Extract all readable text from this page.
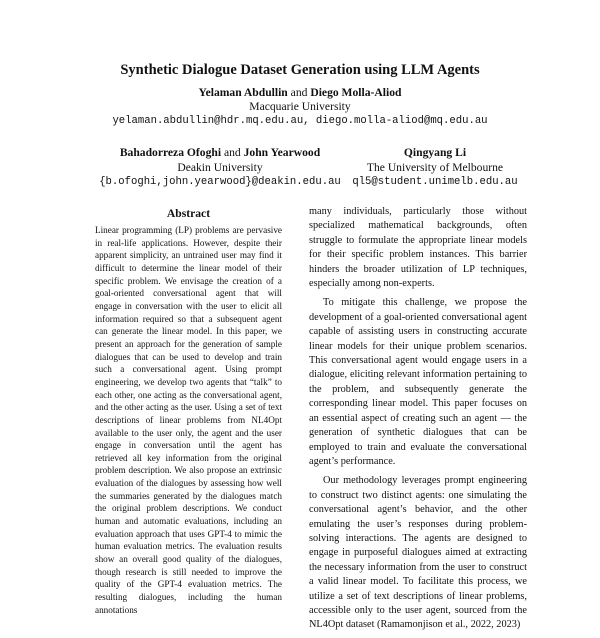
Synthetic Dialogue Dataset Generation using LLM Agents
Yelaman Abdullin and Diego Molla-Aliod
Macquarie University
yelaman.abdullin@hdr.mq.edu.au, diego.molla-aliod@mq.edu.au
Bahadorreza Ofoghi and John Yearwood
Deakin University
{b.ofoghi,john.yearwood}@deakin.edu.au
Qingyang Li
The University of Melbourne
ql5@student.unimelb.edu.au
Abstract

Linear programming (LP) problems are pervasive in real-life applications. However, despite their apparent simplicity, an untrained user may find it difficult to determine the linear model of their specific problem. We envisage the creation of a goal-oriented conversational agent that will engage in conversation with the user to elicit all information required so that a subsequent agent can generate the linear model. In this paper, we present an approach for the generation of sample dialogues that can be used to develop and train such a conversational agent. Using prompt engineering, we develop two agents that “talk” to each other, one acting as the conversational agent, and the other acting as the user. Using a set of text descriptions of linear problems from NL4Opt available to the user only, the agent and the user engage in conversation until the agent has retrieved all key information from the original problem description. We also propose an extrinsic evaluation of the dialogues by assessing how well the summaries generated by the dialogues match the original problem descriptions. We conduct human and automatic evaluations, including an evaluation approach that uses GPT-4 to mimic the human evaluation metrics. The evaluation results show an overall good quality of the dialogues, though research is still needed to improve the quality of the GPT-4 evaluation metrics. The resulting dialogues, including the human annotations

many individuals, particularly those without specialized mathematical backgrounds, often struggle to formulate the appropriate linear models for their specific problem instances. This barrier hinders the broader utilization of LP techniques, especially among non-experts.

To mitigate this challenge, we propose the development of a goal-oriented conversational agent capable of assisting users in constructing accurate linear models for their unique problem scenarios. This conversational agent would engage users in a dialogue, eliciting relevant information pertaining to the problem, and subsequently generate the corresponding linear model. This paper focuses on an essential aspect of creating such an agent — the generation of synthetic dialogues that can be employed to train and evaluate the conversational agent’s performance.

Our methodology leverages prompt engineering to construct two distinct agents: one simulating the conversational agent’s behavior, and the other emulating the user’s responses during problem-solving interactions. The agents are designed to engage in purposeful dialogues aimed at extracting the necessary information from the user to construct a valid linear model. To facilitate this process, we utilize a set of text descriptions of linear problems, accessible only to the user agent, sourced from the NL4Opt dataset (Ramamonjison et al., 2022, 2023)
